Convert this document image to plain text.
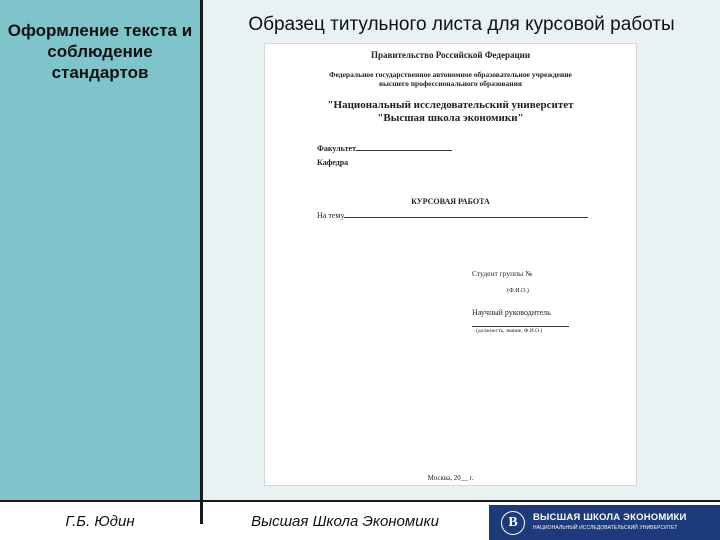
Оформление текста и соблюдение стандартов
Образец титульного листа для курсовой работы
Правительство Российской Федерации
Федеральное государственное автономное образовательное учреждение
высшего профессионального образования
"Национальный исследовательский университет
"Высшая школа экономики"
Факультет
Кафедра
КУРСОВАЯ РАБОТА
На тему
Студент группы №
(Ф.И.О.)
Научный руководитель
(должность, звание, Ф.И.О.)
Москва, 20__ г.
Г.Б. Юдин	Высшая Школа Экономики	B	ВЫСШАЯ ШКОЛА ЭКОНОМИКИ
НАЦИОНАЛЬНЫЙ ИССЛЕДОВАТЕЛЬСКИЙ УНИВЕРСИТЕТ
